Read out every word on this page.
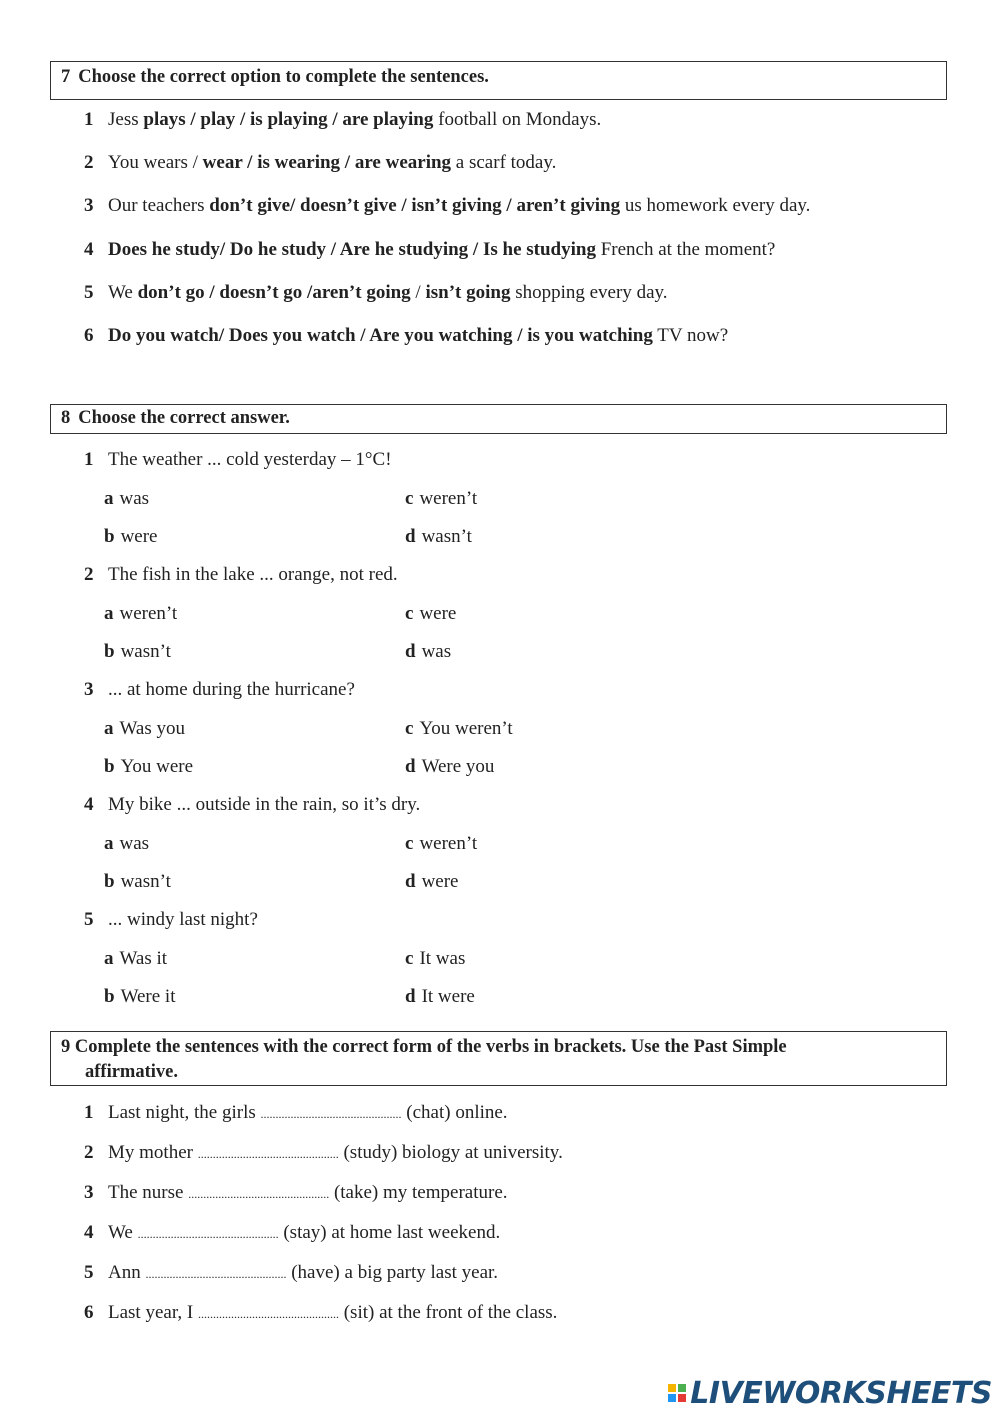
7 Choose the correct option to complete the sentences.
1 Jess plays / play / is playing / are playing football on Mondays.
2 You wears / wear / is wearing / are wearing a scarf today.
3 Our teachers don’t give/ doesn’t give / isn’t giving / aren’t giving us homework every day.
4 Does he study/ Do he study / Are he studying / Is he studying French at the moment?
5 We don’t go / doesn’t go /aren’t going / isn’t going shopping every day.
6 Do you watch/ Does you watch / Are you watching / is you watching TV now?
8 Choose the correct answer.
1 The weather ... cold yesterday – 1°C!
a was	c weren’t
b were	d wasn’t
2 The fish in the lake ... orange, not red.
a weren’t	c were
b wasn’t	d was
3 ... at home during the hurricane?
a Was you	c You weren’t
b You were	d Were you
4 My bike ... outside in the rain, so it’s dry.
a was	c weren’t
b wasn’t	d were
5 ... windy last night?
a Was it	c It was
b Were it	d It were
9 Complete the sentences with the correct form of the verbs in brackets. Use the Past Simple
affirmative.
1 Last night, the girls ............................................... (chat) online.
2 My mother ............................................... (study) biology at university.
3 The nurse ............................................... (take) my temperature.
4 We ............................................... (stay) at home last weekend.
5 Ann ............................................... (have) a big party last year.
6 Last year, I ............................................... (sit) at the front of the class.
LIVEWORKSHEETS
